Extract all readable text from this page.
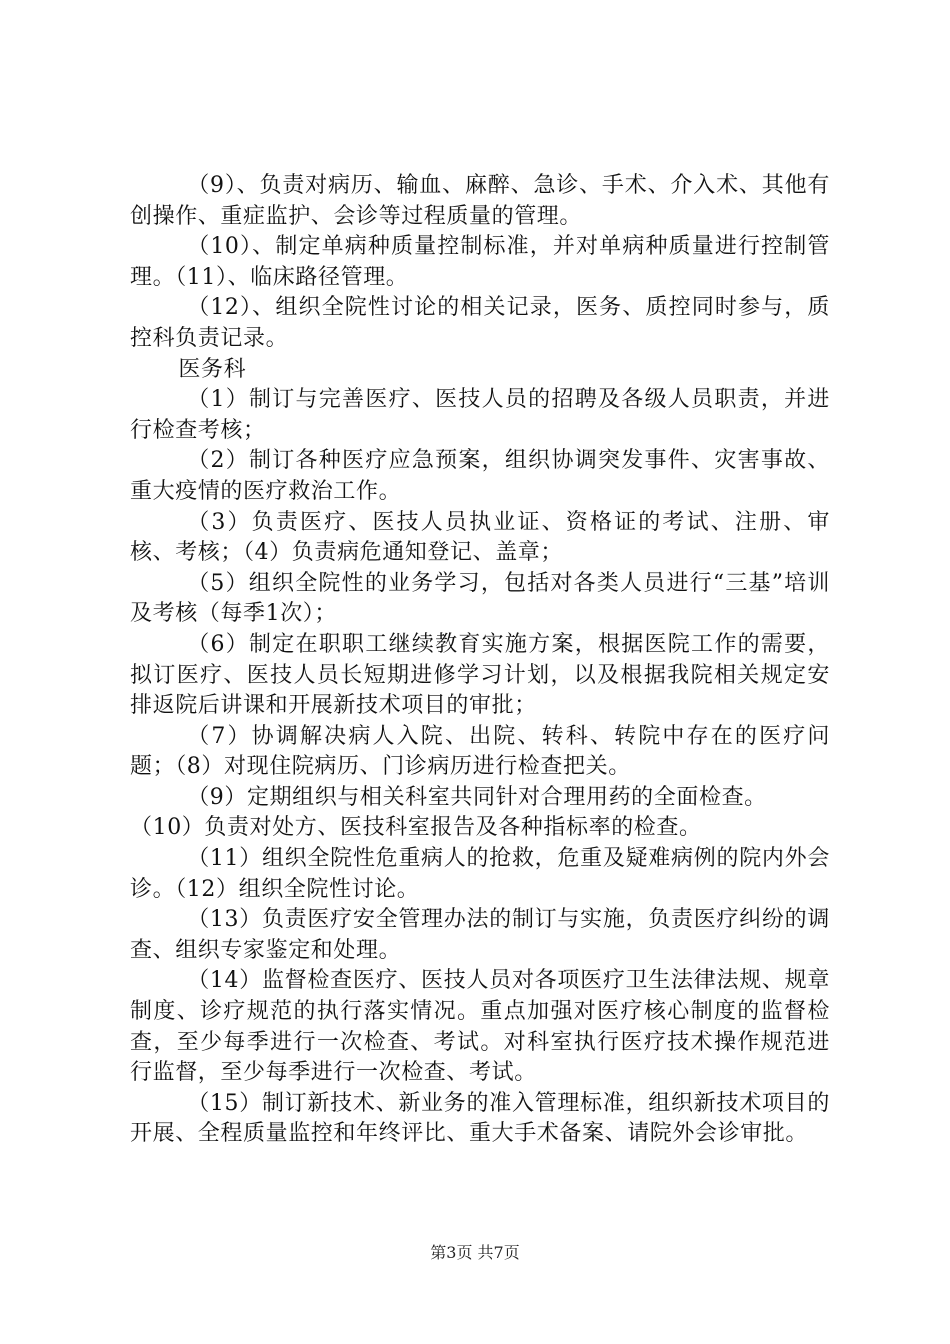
（9）、负责对病历、输血、麻醉、急诊、手术、介入术、其他有创操作、重症监护、会诊等过程质量的管理。

（10）、制定单病种质量控制标准，并对单病种质量进行控制管理。（11）、临床路径管理。

（12）、组织全院性讨论的相关记录，医务、质控同时参与，质控科负责记录。

医务科

（1）制订与完善医疗、医技人员的招聘及各级人员职责，并进行检查考核；

（2）制订各种医疗应急预案，组织协调突发事件、灾害事故、重大疫情的医疗救治工作。

（3）负责医疗、医技人员执业证、资格证的考试、注册、审核、考核；（4）负责病危通知登记、盖章；

（5）组织全院性的业务学习，包括对各类人员进行“三基”培训及考核（每季1次）；

（6）制定在职职工继续教育实施方案，根据医院工作的需要，拟订医疗、医技人员长短期进修学习计划，以及根据我院相关规定安排返院后讲课和开展新技术项目的审批；

（7）协调解决病人入院、出院、转科、转院中存在的医疗问题；（8）对现住院病历、门诊病历进行检查把关。

（9）定期组织与相关科室共同针对合理用药的全面检查。

（10）负责对处方、医技科室报告及各种指标率的检查。

（11）组织全院性危重病人的抢救，危重及疑难病例的院内外会诊。（12）组织全院性讨论。

（13）负责医疗安全管理办法的制订与实施，负责医疗纠纷的调查、组织专家鉴定和处理。

（14）监督检查医疗、医技人员对各项医疗卫生法律法规、规章制度、诊疗规范的执行落实情况。重点加强对医疗核心制度的监督检查，至少每季进行一次检查、考试。对科室执行医疗技术操作规范进行监督，至少每季进行一次检查、考试。

（15）制订新技术、新业务的准入管理标准，组织新技术项目的开展、全程质量监控和年终评比、重大手术备案、请院外会诊审批。

第3页 共7页
